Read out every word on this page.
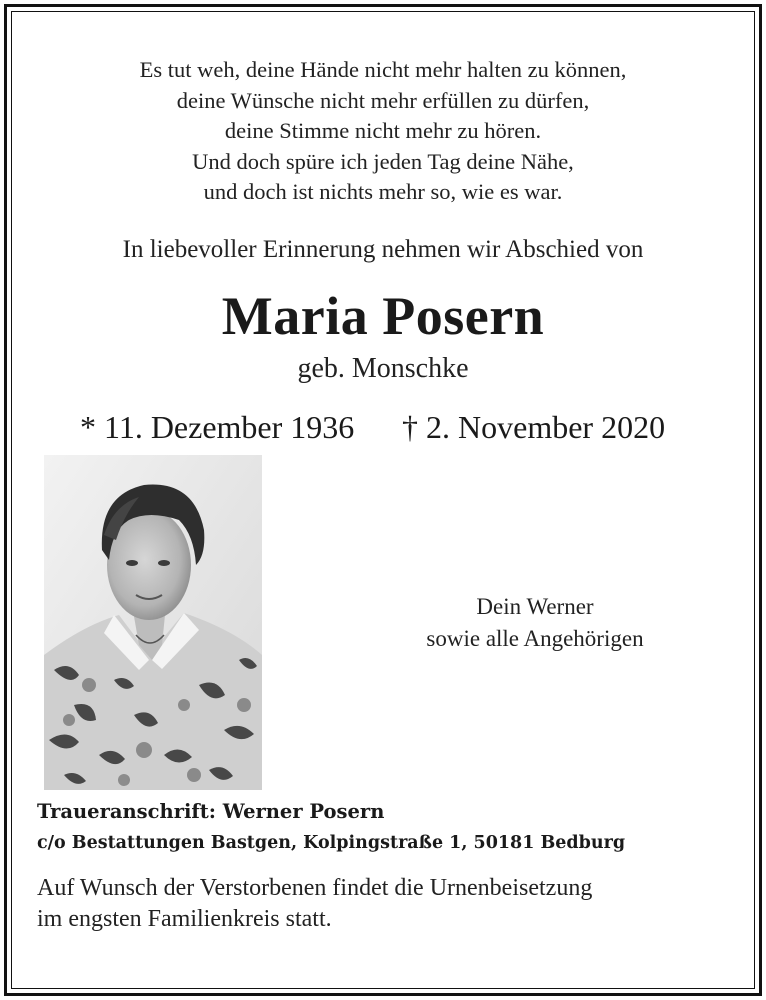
Es tut weh, deine Hände nicht mehr halten zu können,
deine Wünsche nicht mehr erfüllen zu dürfen,
deine Stimme nicht mehr zu hören.
Und doch spüre ich jeden Tag deine Nähe,
und doch ist nichts mehr so, wie es war.
In liebevoller Erinnerung nehmen wir Abschied von
Maria Posern
geb. Monschke
* 11. Dezember 1936 † 2. November 2020
Dein Werner
sowie alle Angehörigen
Traueranschrift: Werner Posern
c/o Bestattungen Bastgen, Kolpingstraße 1, 50181 Bedburg
Auf Wunsch der Verstorbenen findet die Urnenbeisetzung
im engsten Familienkreis statt.
